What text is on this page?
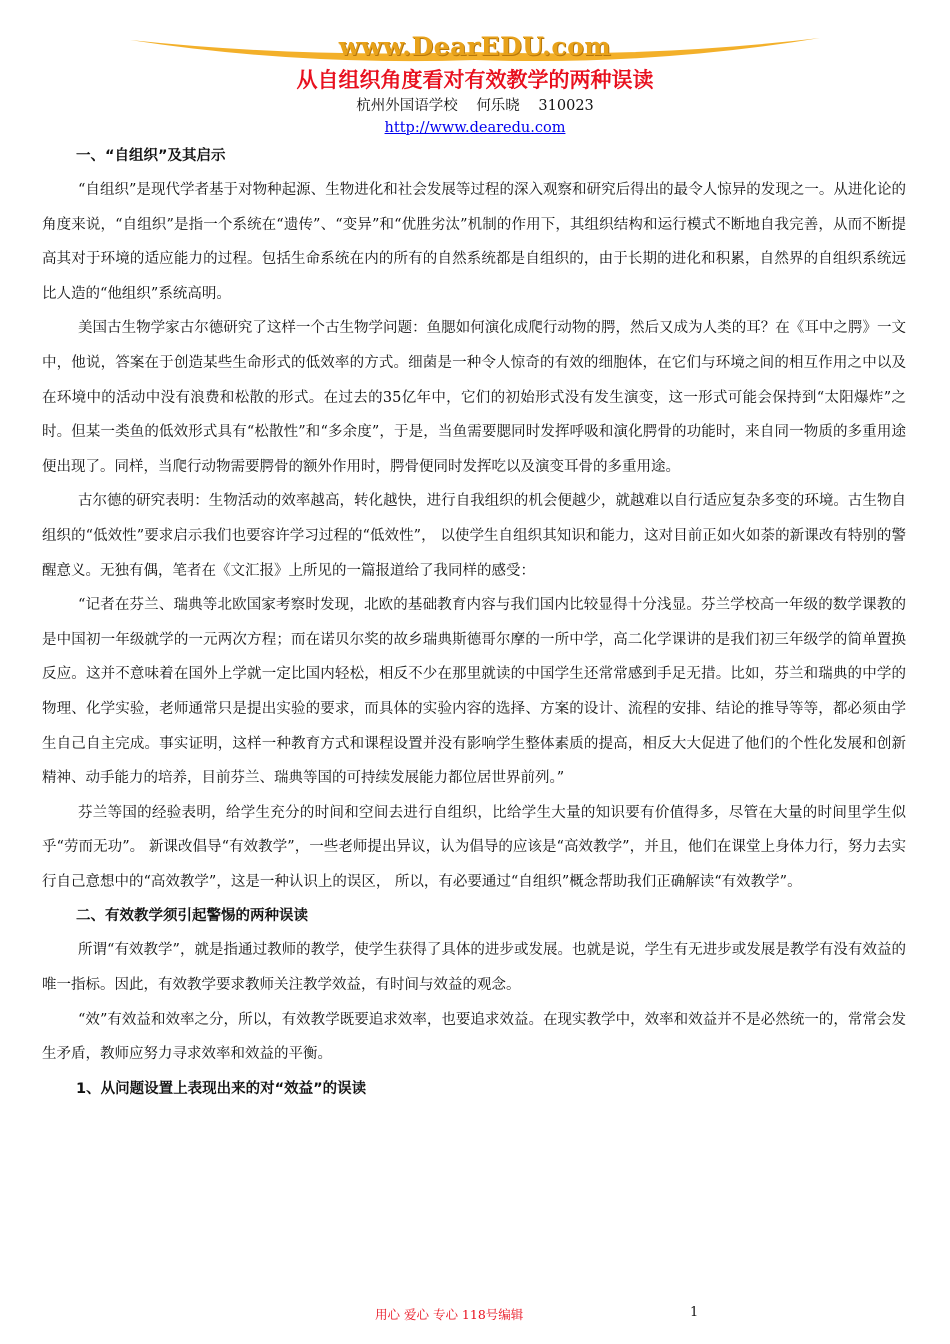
www.DearEDU.com
从自组织角度看对有效教学的两种误读
杭州外国语学校 何乐晓 310023
http://www.dearedu.com
一、“自组织”及其启示

“自组织”是现代学者基于对物种起源、生物进化和社会发展等过程的深入观察和研究后得出的最令人惊异的发现之一。从进化论的角度来说，“自组织”是指一个系统在“遗传”、“变异”和“优胜劣汰”机制的作用下，其组织结构和运行模式不断地自我完善，从而不断提高其对于环境的适应能力的过程。包括生命系统在内的所有的自然系统都是自组织的，由于长期的进化和积累，自然界的自组织系统远比人造的“他组织”系统高明。

美国古生物学家古尔德研究了这样一个古生物学问题：鱼腮如何演化成爬行动物的腭，然后又成为人类的耳？在《耳中之腭》一文中，他说，答案在于创造某些生命形式的低效率的方式。细菌是一种令人惊奇的有效的细胞体，在它们与环境之间的相互作用之中以及在环境中的活动中没有浪费和松散的形式。在过去的35亿年中，它们的初始形式没有发生演变，这一形式可能会保持到“太阳爆炸”之时。但某一类鱼的低效形式具有“松散性”和“多余度”，于是，当鱼需要腮同时发挥呼吸和演化腭骨的功能时，来自同一物质的多重用途便出现了。同样，当爬行动物需要腭骨的额外作用时，腭骨便同时发挥吃以及演变耳骨的多重用途。

古尔德的研究表明：生物活动的效率越高，转化越快，进行自我组织的机会便越少，就越难以自行适应复杂多变的环境。古生物自组织的“低效性”要求启示我们也要容许学习过程的“低效性”， 以使学生自组织其知识和能力，这对目前正如火如荼的新课改有特别的警醒意义。无独有偶，笔者在《文汇报》上所见的一篇报道给了我同样的感受：

“记者在芬兰、瑞典等北欧国家考察时发现，北欧的基础教育内容与我们国内比较显得十分浅显。芬兰学校高一年级的数学课教的是中国初一年级就学的一元两次方程；而在诺贝尔奖的故乡瑞典斯德哥尔摩的一所中学，高二化学课讲的是我们初三年级学的简单置换反应。这并不意味着在国外上学就一定比国内轻松，相反不少在那里就读的中国学生还常常感到手足无措。比如，芬兰和瑞典的中学的物理、化学实验，老师通常只是提出实验的要求，而具体的实验内容的选择、方案的设计、流程的安排、结论的推导等等，都必须由学生自己自主完成。事实证明，这样一种教育方式和课程设置并没有影响学生整体素质的提高，相反大大促进了他们的个性化发展和创新精神、动手能力的培养，目前芬兰、瑞典等国的可持续发展能力都位居世界前列。”

芬兰等国的经验表明，给学生充分的时间和空间去进行自组织，比给学生大量的知识要有价值得多，尽管在大量的时间里学生似乎“劳而无功”。 新课改倡导“有效教学”，一些老师提出异议，认为倡导的应该是“高效教学”，并且，他们在课堂上身体力行，努力去实行自己意想中的“高效教学”，这是一种认识上的误区， 所以，有必要通过“自组织”概念帮助我们正确解读“有效教学”。

二、有效教学须引起警惕的两种误读

所谓“有效教学”，就是指通过教师的教学，使学生获得了具体的进步或发展。也就是说，学生有无进步或发展是教学有没有效益的唯一指标。因此，有效教学要求教师关注教学效益，有时间与效益的观念。

“效”有效益和效率之分，所以，有效教学既要追求效率，也要追求效益。在现实教学中，效率和效益并不是必然统一的，常常会发生矛盾，教师应努力寻求效率和效益的平衡。

1、从问题设置上表现出来的对“效益”的误读
用心 爱心 专心 118号编辑	1
